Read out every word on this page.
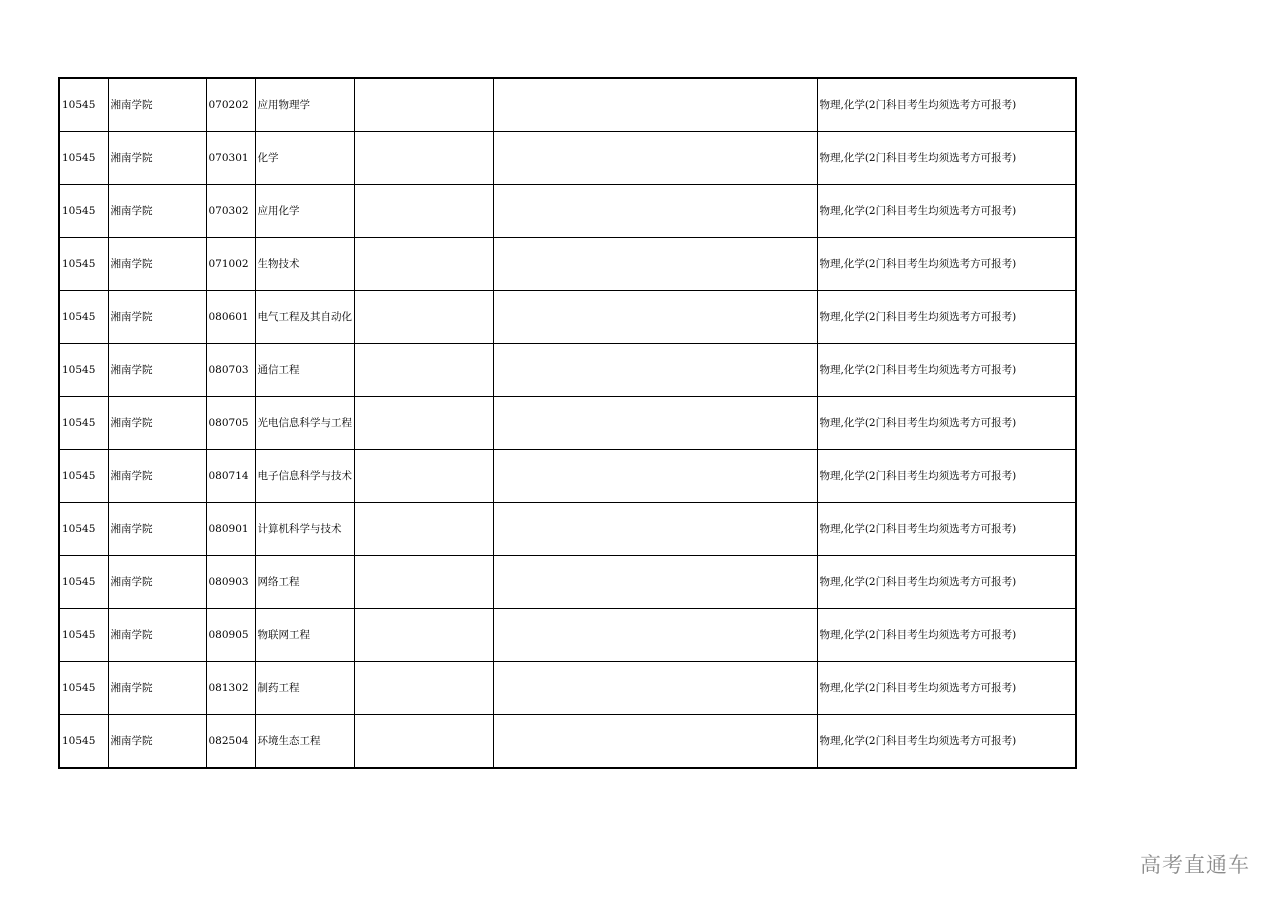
10545	湘南学院	070202	应用物理学			物理,化学(2门科目考生均须选考方可报考)
10545	湘南学院	070301	化学			物理,化学(2门科目考生均须选考方可报考)
10545	湘南学院	070302	应用化学			物理,化学(2门科目考生均须选考方可报考)
10545	湘南学院	071002	生物技术			物理,化学(2门科目考生均须选考方可报考)
10545	湘南学院	080601	电气工程及其自动化			物理,化学(2门科目考生均须选考方可报考)
10545	湘南学院	080703	通信工程			物理,化学(2门科目考生均须选考方可报考)
10545	湘南学院	080705	光电信息科学与工程			物理,化学(2门科目考生均须选考方可报考)
10545	湘南学院	080714	电子信息科学与技术			物理,化学(2门科目考生均须选考方可报考)
10545	湘南学院	080901	计算机科学与技术			物理,化学(2门科目考生均须选考方可报考)
10545	湘南学院	080903	网络工程			物理,化学(2门科目考生均须选考方可报考)
10545	湘南学院	080905	物联网工程			物理,化学(2门科目考生均须选考方可报考)
10545	湘南学院	081302	制药工程			物理,化学(2门科目考生均须选考方可报考)
10545	湘南学院	082504	环境生态工程			物理,化学(2门科目考生均须选考方可报考)
高考直通车
